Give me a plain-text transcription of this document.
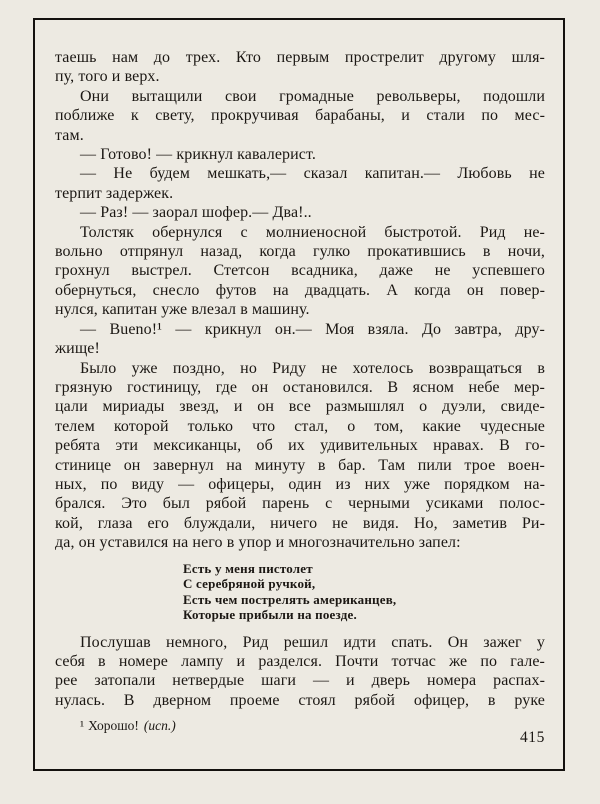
таешь нам до трех. Кто первым прострелит другому шля-
пу, того и верх.
Они вытащили свои громадные револьверы, подошли
поближе к свету, прокручивая барабаны, и стали по мес-
там.
— Готово! — крикнул кавалерист.
— Не будем мешкать,— сказал капитан.— Любовь не
терпит задержек.
— Раз! — заорал шофер.— Два!..
Толстяк обернулся с молниеносной быстротой. Рид не-
вольно отпрянул назад, когда гулко прокатившись в ночи,
грохнул выстрел. Стетсон всадника, даже не успевшего
обернуться, снесло футов на двадцать. А когда он повер-
нулся, капитан уже влезал в машину.
— Bueno!¹ — крикнул он.— Моя взяла. До завтра, дру-
жище!
Было уже поздно, но Риду не хотелось возвращаться в
грязную гостиницу, где он остановился. В ясном небе мер-
цали мириады звезд, и он все размышлял о дуэли, свиде-
телем которой только что стал, о том, какие чудесные
ребята эти мексиканцы, об их удивительных нравах. В го-
стинице он завернул на минуту в бар. Там пили трое воен-
ных, по виду — офицеры, один из них уже порядком на-
брался. Это был рябой парень с черными усиками полос-
кой, глаза его блуждали, ничего не видя. Но, заметив Ри-
да, он уставился на него в упор и многозначительно запел:
Есть у меня пистолет
С серебряной ручкой,
Есть чем пострелять американцев,
Которые прибыли на поезде.
Послушав немного, Рид решил идти спать. Он зажег у
себя в номере лампу и разделся. Почти тотчас же по гале-
рее затопали нетвердые шаги — и дверь номера распах-
нулась. В дверном проеме стоял рябой офицер, в руке
¹ Хорошо! (исп.)
415
